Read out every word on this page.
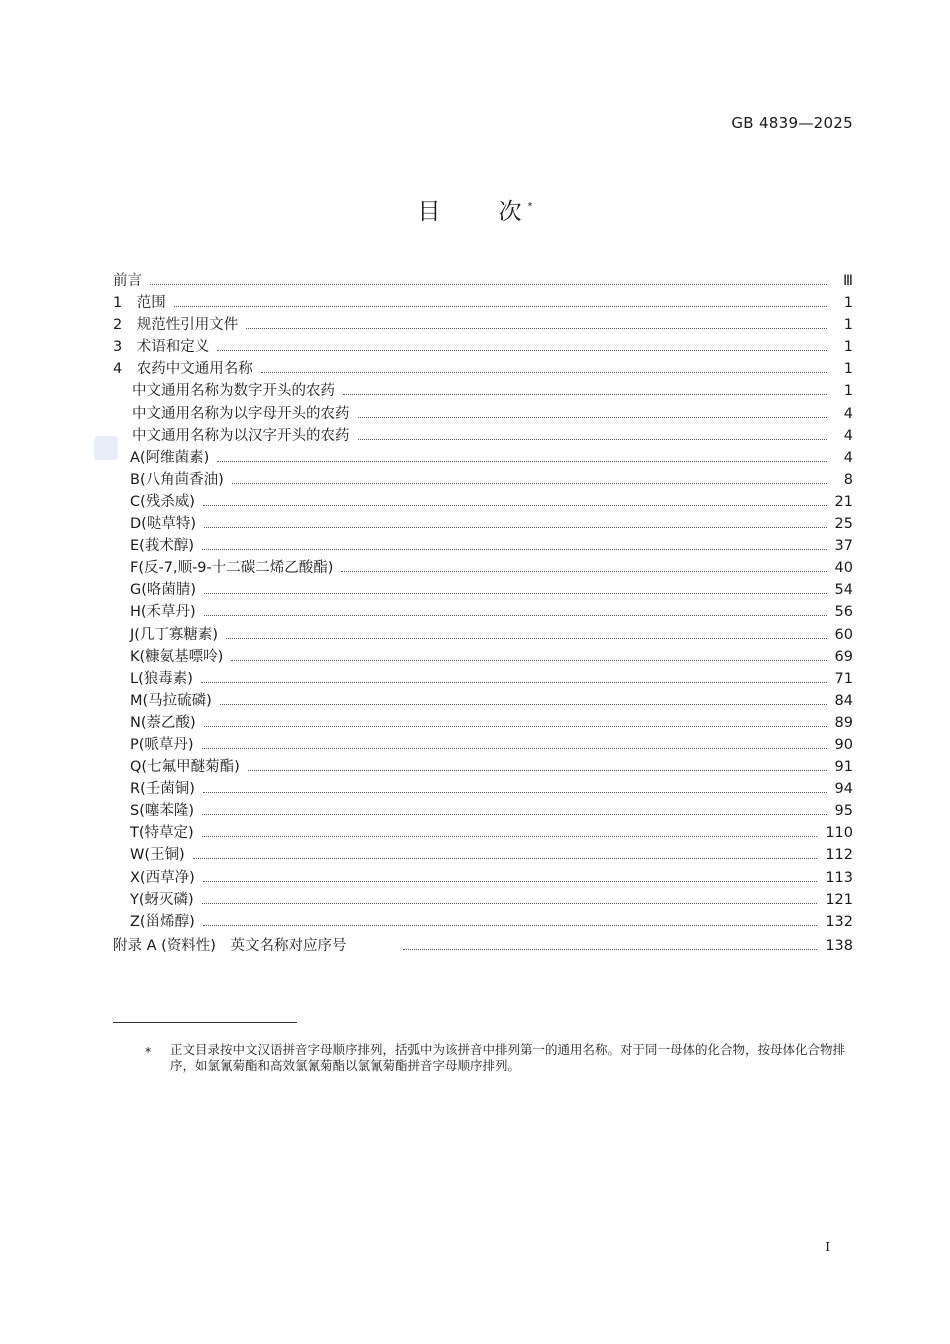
GB 4839—2025
目	次 *
前言	Ⅲ
1　范围	1
2　规范性引用文件	1
3　术语和定义	1
4　农药中文通用名称	1
中文通用名称为数字开头的农药	1
中文通用名称为以字母开头的农药	4
中文通用名称为以汉字开头的农药	4
A(阿维菌素)	4
B(八角茴香油)	8
C(残杀威)	21
D(哒草特)	25
E(莪术醇)	37
F(反-7,顺-9-十二碳二烯乙酸酯)	40
G(咯菌腈)	54
H(禾草丹)	56
J(几丁寡糖素)	60
K(糠氨基嘌呤)	69
L(狼毒素)	71
M(马拉硫磷)	84
N(萘乙酸)	89
P(哌草丹)	90
Q(七氟甲醚菊酯)	91
R(壬菌铜)	94
S(噻苯隆)	95
T(特草定)	110
W(王铜)	112
X(西草净)	113
Y(蚜灭磷)	121
Z(甾烯醇)	132
附录 A (资料性)　英文名称对应序号	138
* 正文目录按中文汉语拼音字母顺序排列，括弧中为该拼音中排列第一的通用名称。对于同一母体的化合物，按母体化合物排序，如氯氰菊酯和高效氯氰菊酯以氯氰菊酯拼音字母顺序排列。
Ⅰ
